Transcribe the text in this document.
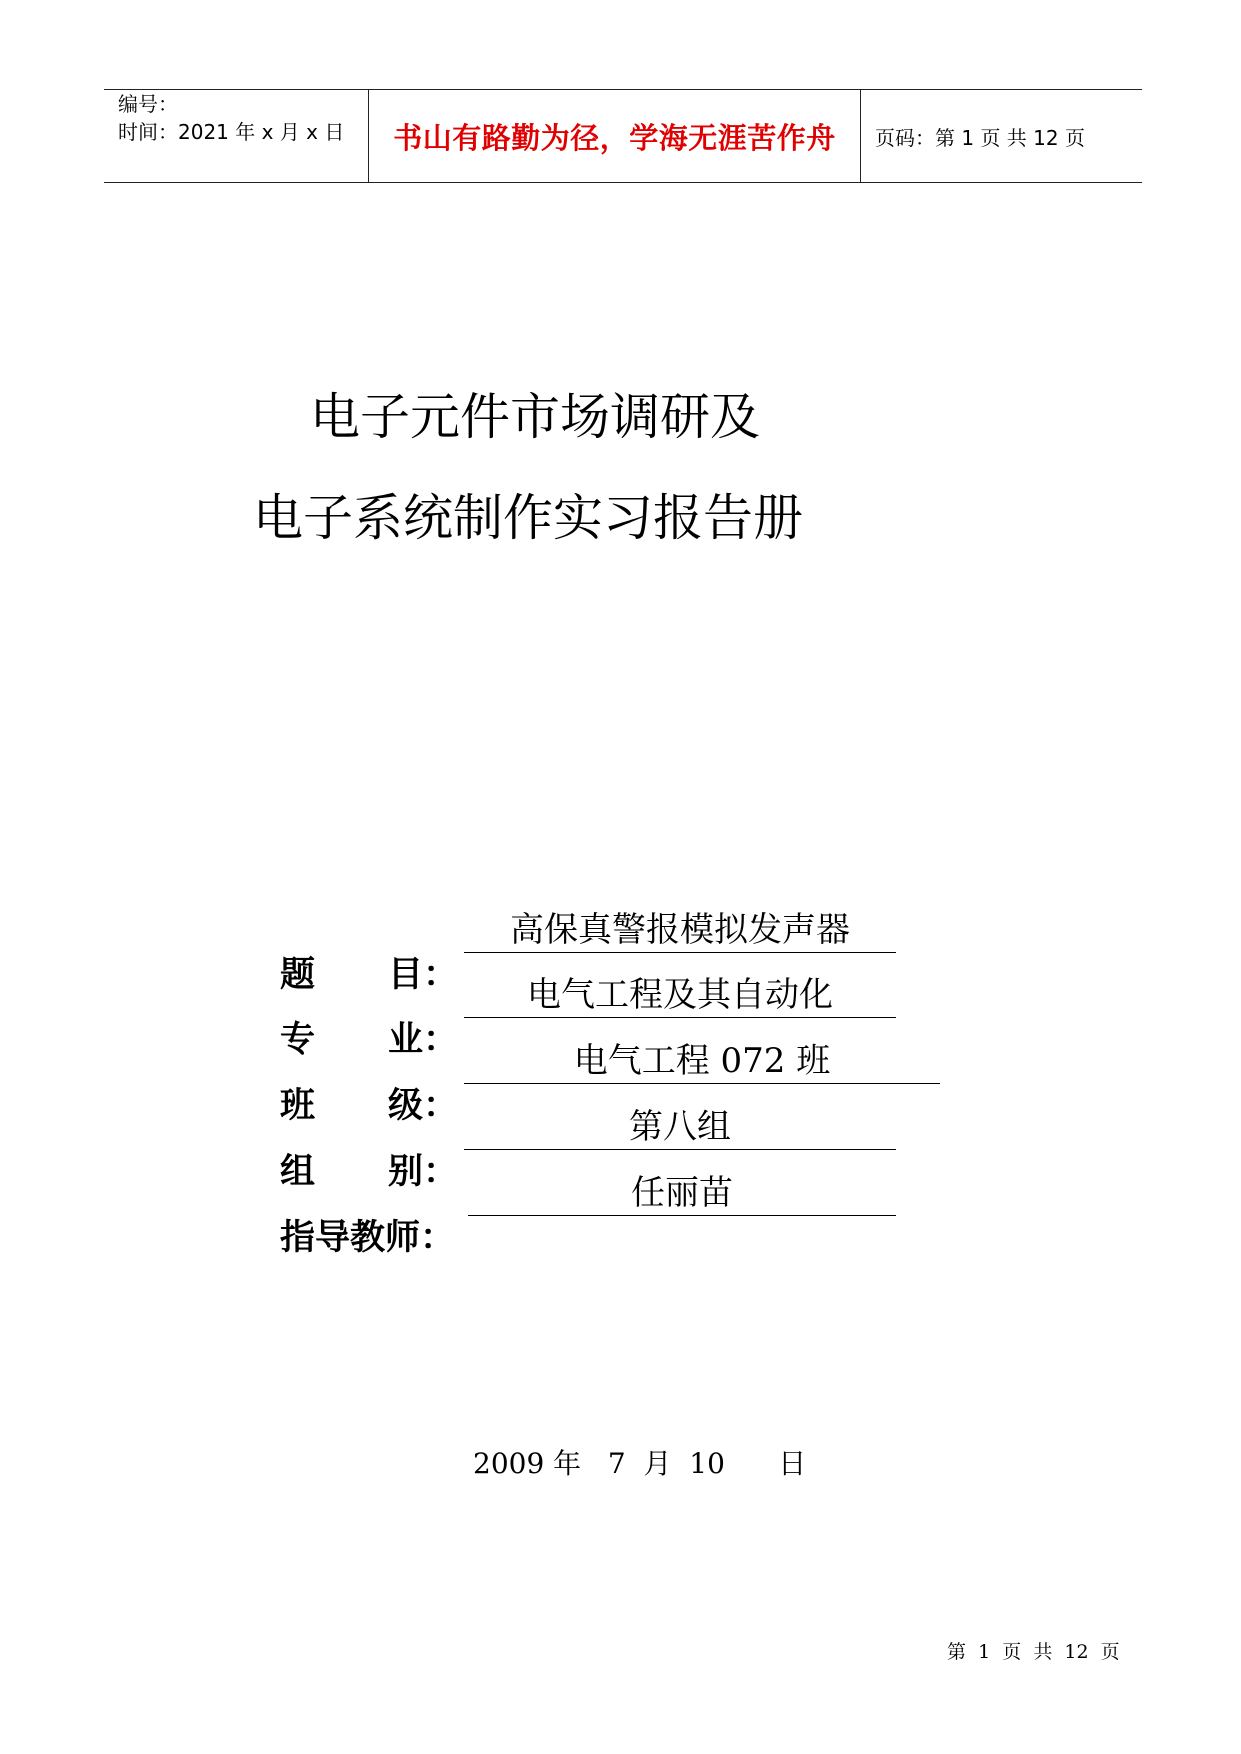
编号：
时间：2021 年 x 月 x 日 书山有路勤为径，学海无涯苦作舟 页码：第 1 页 共 12 页
电子元件市场调研及
电子系统制作实习报告册
题 目：
高保真警报模拟发声器
专 业：
电气工程及其自动化
班 级：
电气工程 072 班
组 别：
第八组
指导教师：
任丽苗
2009 年   7  月  10      日
第  1  页  共  12  页
